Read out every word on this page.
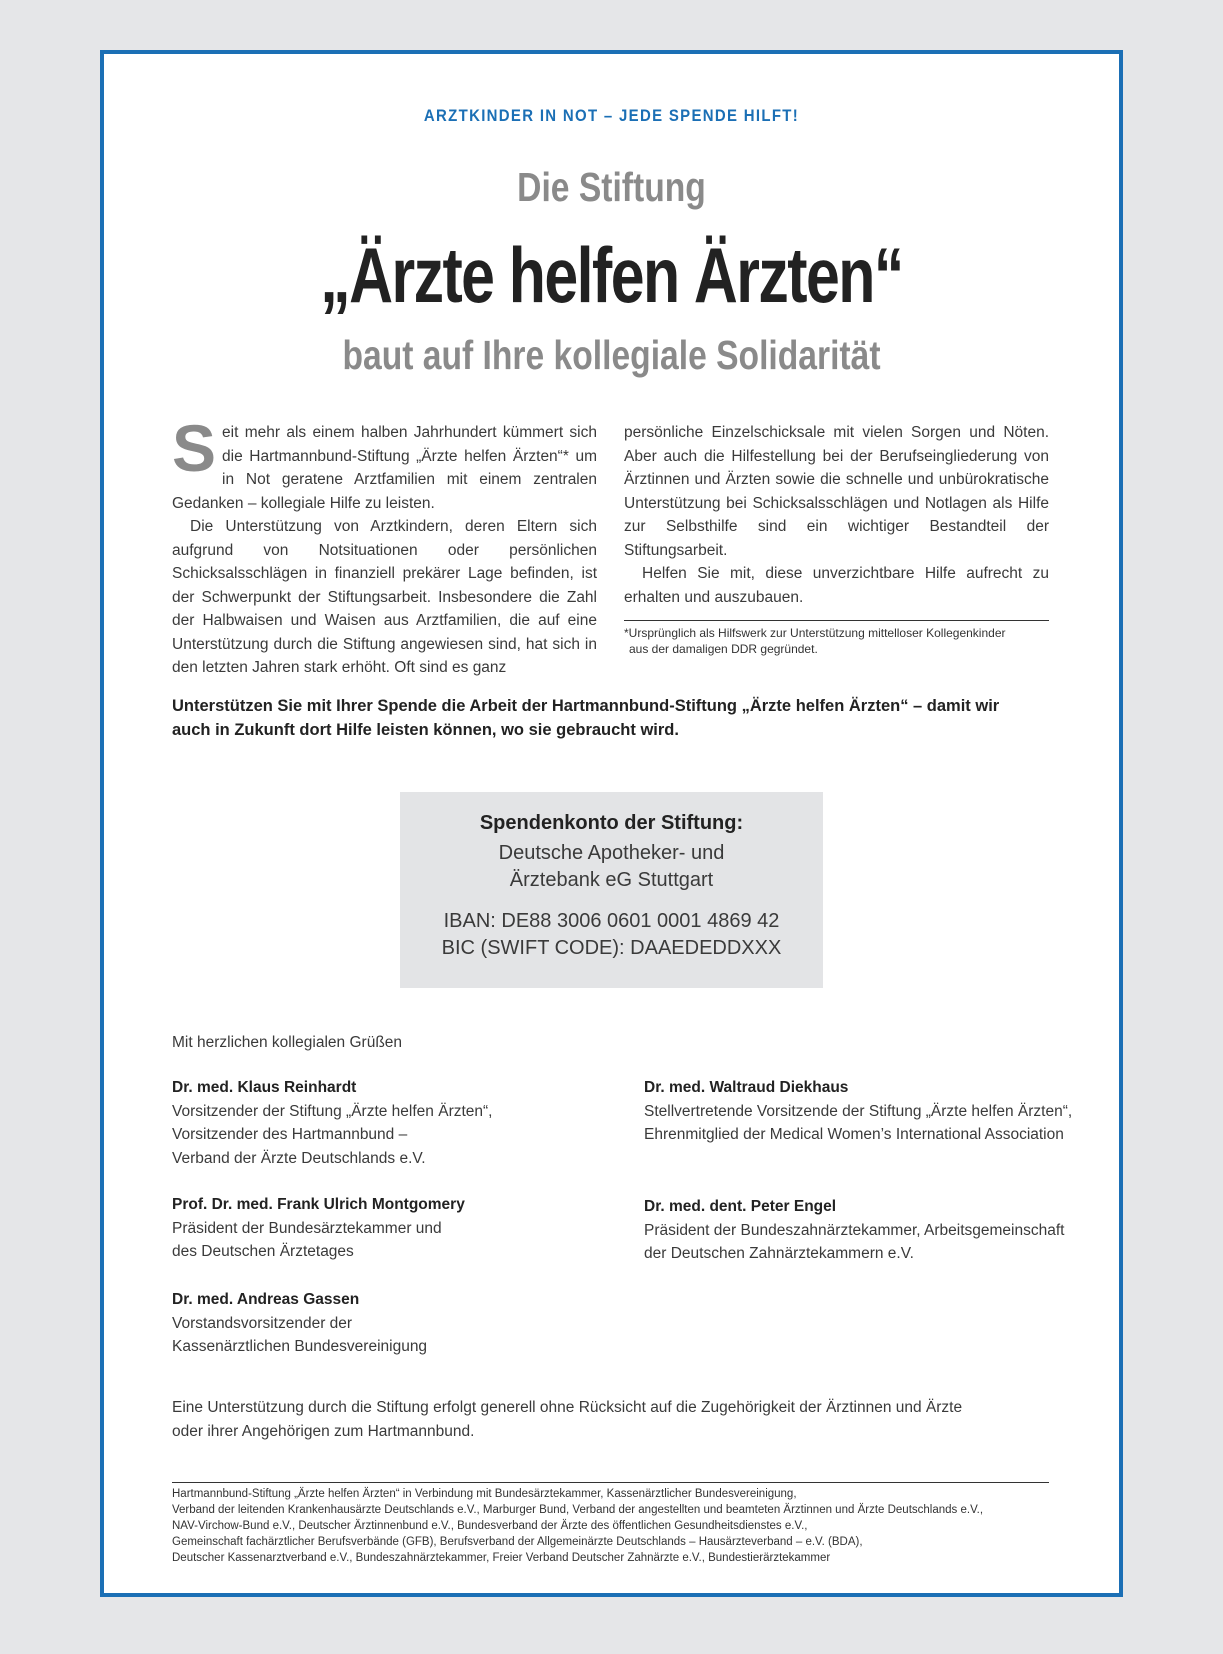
ARZTKINDER IN NOT – JEDE SPENDE HILFT!
Die Stiftung
„Ärzte helfen Ärzten“
baut auf Ihre kollegiale Solidarität

Seit mehr als einem halben Jahrhundert kümmert sich die Hartmannbund-Stiftung „Ärzte helfen Ärzten“* um in Not geratene Arztfamilien mit einem zentralen Gedanken – kollegiale Hilfe zu leisten.

Die Unterstützung von Arztkindern, deren Eltern sich aufgrund von Notsituationen oder persönlichen Schicksalsschlägen in finanziell prekärer Lage befinden, ist der Schwerpunkt der Stiftungsarbeit. Insbesondere die Zahl der Halbwaisen und Waisen aus Arztfamilien, die auf eine Unterstützung durch die Stiftung angewiesen sind, hat sich in den letzten Jahren stark erhöht. Oft sind es ganz

persönliche Einzelschicksale mit vielen Sorgen und Nöten. Aber auch die Hilfestellung bei der Berufseingliederung von Ärztinnen und Ärzten sowie die schnelle und unbürokratische Unterstützung bei Schicksalsschlägen und Notlagen als Hilfe zur Selbsthilfe sind ein wichtiger Bestandteil der Stiftungsarbeit.

Helfen Sie mit, diese unverzichtbare Hilfe aufrecht zu erhalten und auszubauen.

*Ursprünglich als Hilfswerk zur Unterstützung mittelloser Kollegenkinder
aus der damaligen DDR gegründet.
Unterstützen Sie mit Ihrer Spende die Arbeit der Hartmannbund-Stiftung „Ärzte helfen Ärzten“ – damit wir auch in Zukunft dort Hilfe leisten können, wo sie gebraucht wird.
Spendenkonto der Stiftung:
Deutsche Apotheker- und
Ärztebank eG Stuttgart
IBAN: DE88 3006 0601 0001 4869 42
BIC (SWIFT CODE): DAAEDEDDXXX
Mit herzlichen kollegialen Grüßen
Dr. med. Klaus Reinhardt
Vorsitzender der Stiftung „Ärzte helfen Ärzten“,
Vorsitzender des Hartmannbund –
Verband der Ärzte Deutschlands e.V.
Dr. med. Waltraud Diekhaus
Stellvertretende Vorsitzende der Stiftung „Ärzte helfen Ärzten“,
Ehrenmitglied der Medical Women’s International Association
Prof. Dr. med. Frank Ulrich Montgomery
Präsident der Bundesärztekammer und
des Deutschen Ärztetages
Dr. med. dent. Peter Engel
Präsident der Bundeszahnärztekammer, Arbeitsgemeinschaft
der Deutschen Zahnärztekammern e.V.
Dr. med. Andreas Gassen
Vorstandsvorsitzender der
Kassenärztlichen Bundesvereinigung
Eine Unterstützung durch die Stiftung erfolgt generell ohne Rücksicht auf die Zugehörigkeit der Ärztinnen und Ärzte oder ihrer Angehörigen zum Hartmannbund.
Hartmannbund-Stiftung „Ärzte helfen Ärzten“ in Verbindung mit Bundesärztekammer, Kassenärztlicher Bundesvereinigung,
Verband der leitenden Krankenhausärzte Deutschlands e.V., Marburger Bund, Verband der angestellten und beamteten Ärztinnen und Ärzte Deutschlands e.V.,
NAV-Virchow-Bund e.V., Deutscher Ärztinnenbund e.V., Bundesverband der Ärzte des öffentlichen Gesundheitsdienstes e.V.,
Gemeinschaft fachärztlicher Berufsverbände (GFB), Berufsverband der Allgemeinärzte Deutschlands – Hausärzteverband – e.V. (BDA),
Deutscher Kassenarztverband e.V., Bundeszahnärztekammer, Freier Verband Deutscher Zahnärzte e.V., Bundestierärztekammer
